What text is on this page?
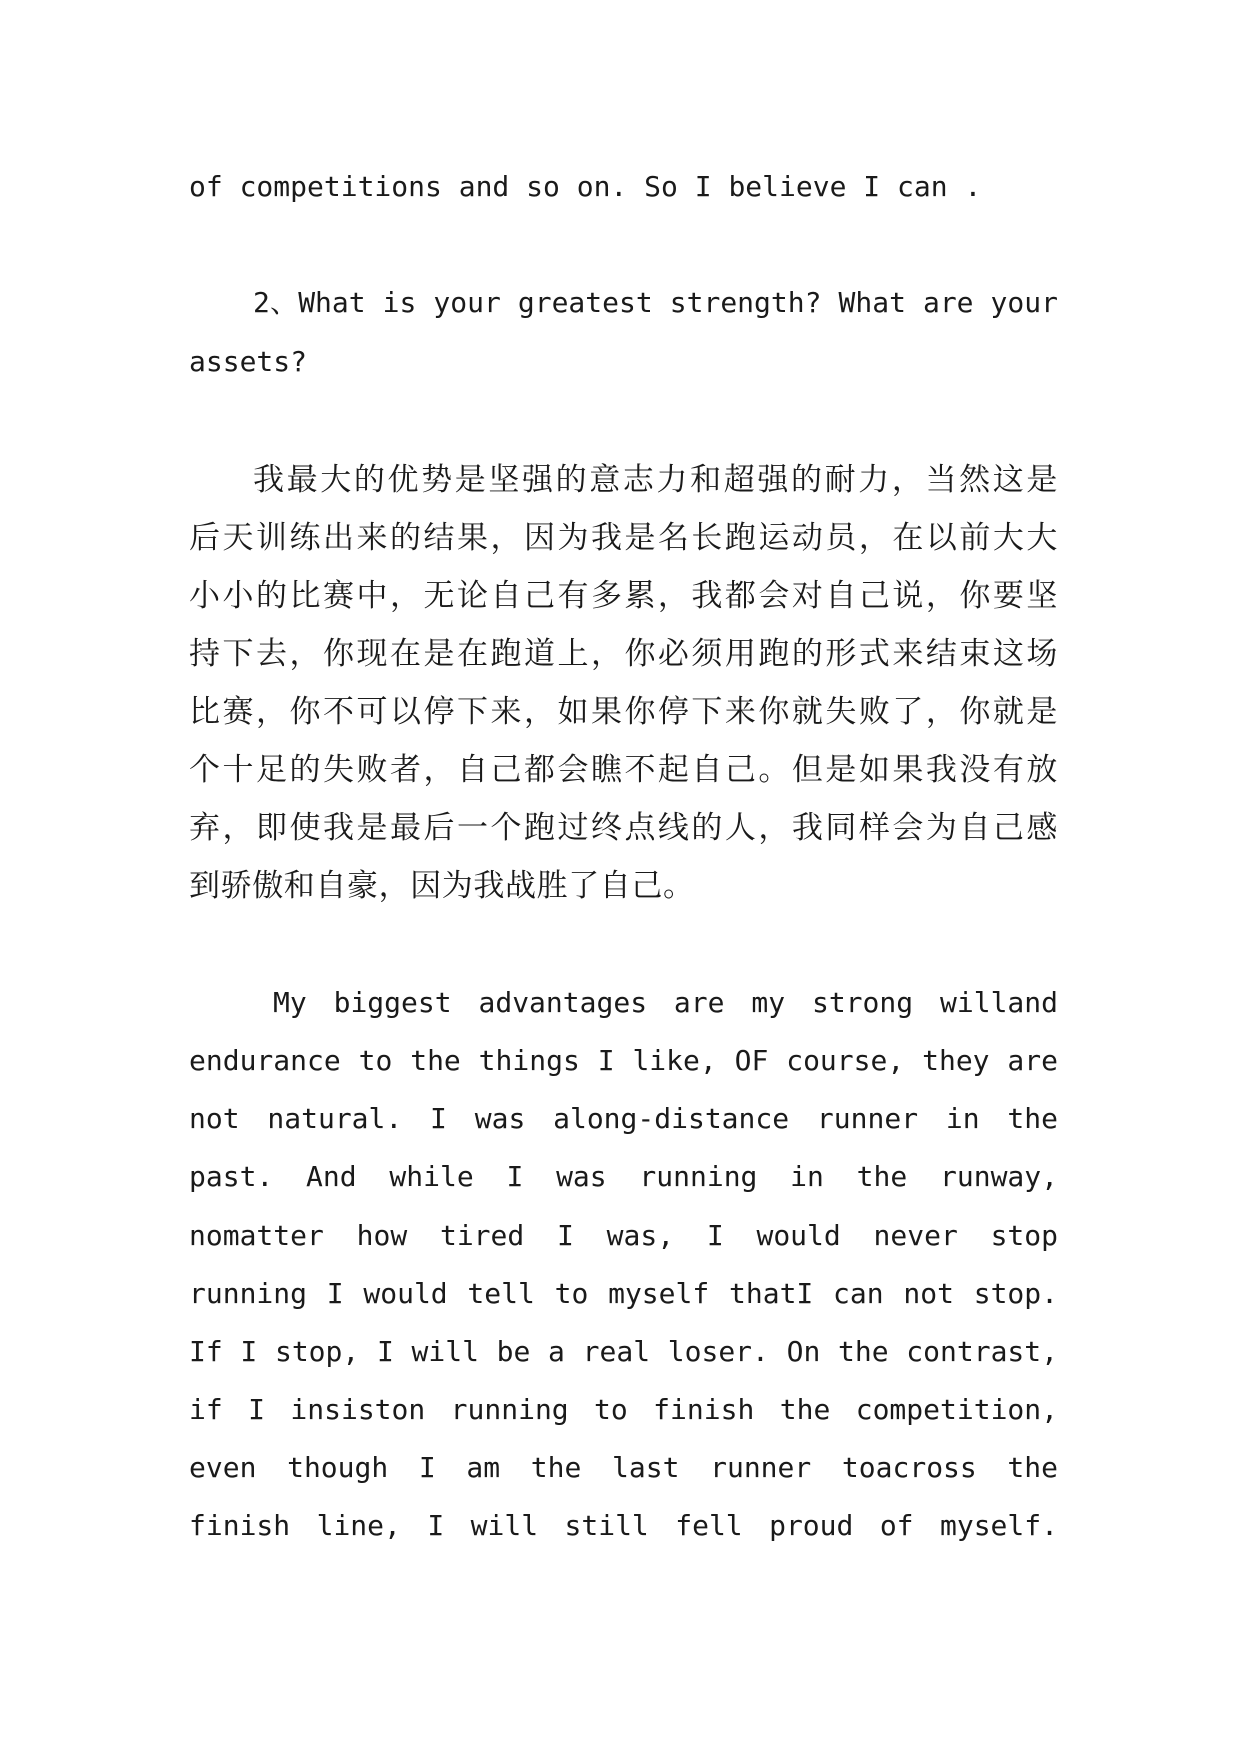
of competitions and so on. So I believe I can .

2、What is your greatest strength? What are your

assets?

我最大的优势是坚强的意志力和超强的耐力，当然这是

后天训练出来的结果，因为我是名长跑运动员，在以前大大

小小的比赛中，无论自己有多累，我都会对自己说，你要坚

持下去，你现在是在跑道上，你必须用跑的形式来结束这场

比赛，你不可以停下来，如果你停下来你就失败了，你就是

个十足的失败者，自己都会瞧不起自己。但是如果我没有放

弃，即使我是最后一个跑过终点线的人，我同样会为自己感

到骄傲和自豪，因为我战胜了自己。

My biggest advantages are my strong willand

endurance to the things I like, OF course, they are

not natural. I was along-distance runner in the

past. And while I was running in the runway,

nomatter how tired I was, I would never stop

running I would tell to myself thatI can not stop.

If I stop, I will be a real loser. On the contrast,

if I insiston running to finish the competition,

even though I am the last runner toacross the

finish line, I will still fell proud of myself.
